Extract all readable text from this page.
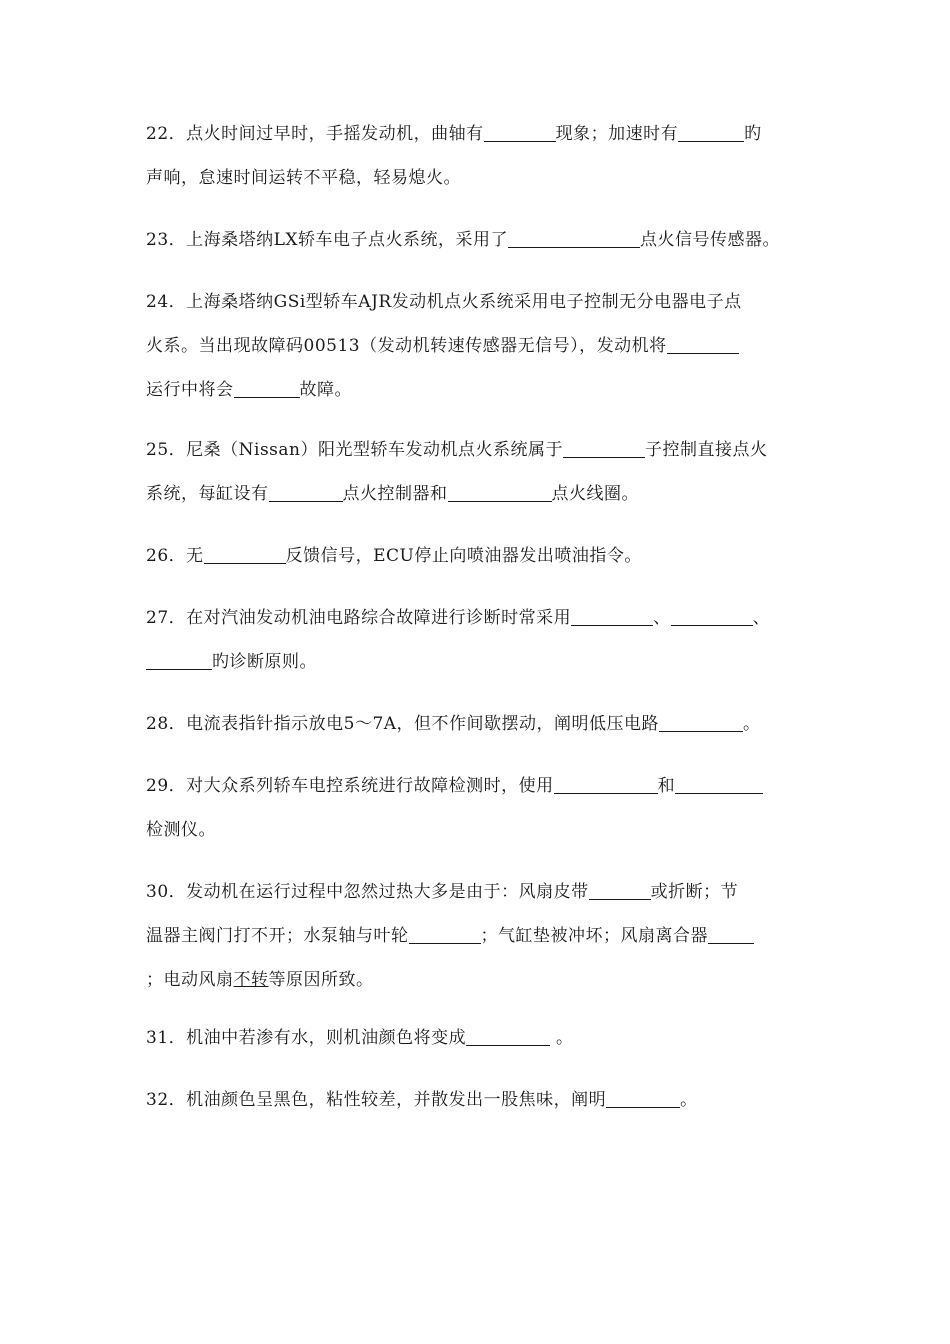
22．点火时间过早时，手摇发动机，曲轴有	现象；加速时有	旳
声响，怠速时间运转不平稳，轻易熄火。
23．上海桑塔纳LX轿车电子点火系统，采用了	点火信号传感器。
24．上海桑塔纳GSi型轿车AJR发动机点火系统采用电子控制无分电器电子点
火系。当出现故障码00513（发动机转速传感器无信号），发动机将
运行中将会	故障。
25．尼桑（Nissan）阳光型轿车发动机点火系统属于	子控制直接点火
系统，每缸设有	点火控制器和	点火线圈。
26．无	反馈信号，ECU停止向喷油器发出喷油指令。
27．在对汽油发动机油电路综合故障进行诊断时常采用	、	、
旳诊断原则。
28．电流表指针指示放电5～7A，但不作间歇摆动，阐明低压电路	。
29．对大众系列轿车电控系统进行故障检测时，使用	和
检测仪。
30．发动机在运行过程中忽然过热大多是由于：风扇皮带	或折断；节
温器主阀门打不开；水泵轴与叶轮	；气缸垫被冲坏；风扇离合器
；电动风扇不转等原因所致。
31．机油中若渗有水，则机油颜色将变成	。
32．机油颜色呈黑色，粘性较差，并散发出一股焦味，阐明	。
